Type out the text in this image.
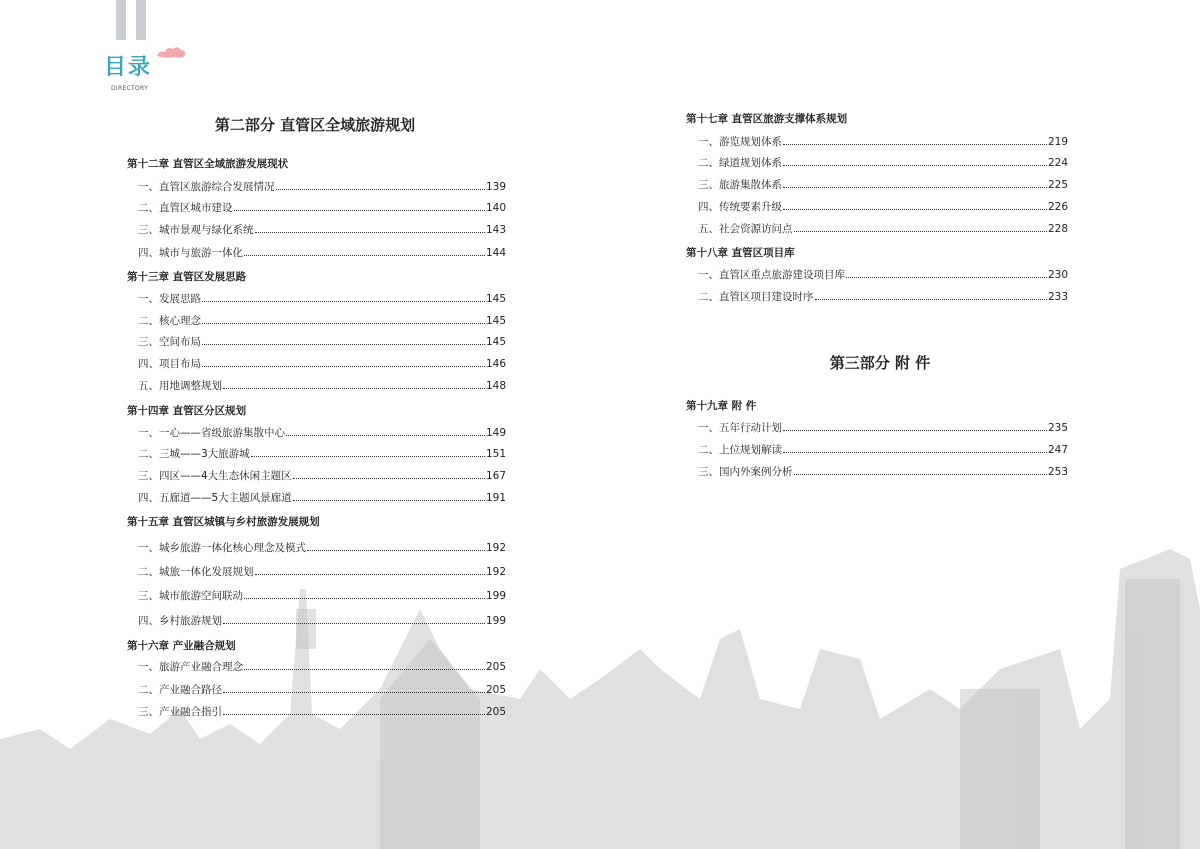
目录
DIRECTORY
第二部分 直管区全域旅游规划
第十二章 直管区全域旅游发展现状
一、直管区旅游综合发展情况	139
二、直管区城市建设	140
三、城市景观与绿化系统	143
四、城市与旅游一体化	144
第十三章 直管区发展思路
一、发展思路	145
二、核心理念	145
三、空间布局	145
四、项目布局	146
五、用地调整规划	148
第十四章 直管区分区规划
一、一心——省级旅游集散中心	149
二、三城——3大旅游城	151
三、四区——4大生态休闲主题区	167
四、五廊道——5大主题风景廊道	191
第十五章 直管区城镇与乡村旅游发展规划
一、城乡旅游一体化核心理念及模式	192
二、城旅一体化发展规划	192
三、城市旅游空间联动	199
四、乡村旅游规划	199
第十六章 产业融合规划
一、旅游产业融合理念	205
二、产业融合路径	205
三、产业融合指引	205
第十七章 直管区旅游支撑体系规划
一、游览规划体系	219
二、绿道规划体系	224
三、旅游集散体系	225
四、传统要素升级	226
五、社会资源访问点	228
第十八章 直管区项目库
一、直管区重点旅游建设项目库	230
二、直管区项目建设时序	233
第三部分 附 件
第十九章 附 件
一、五年行动计划	235
二、上位规划解读	247
三、国内外案例分析	253
